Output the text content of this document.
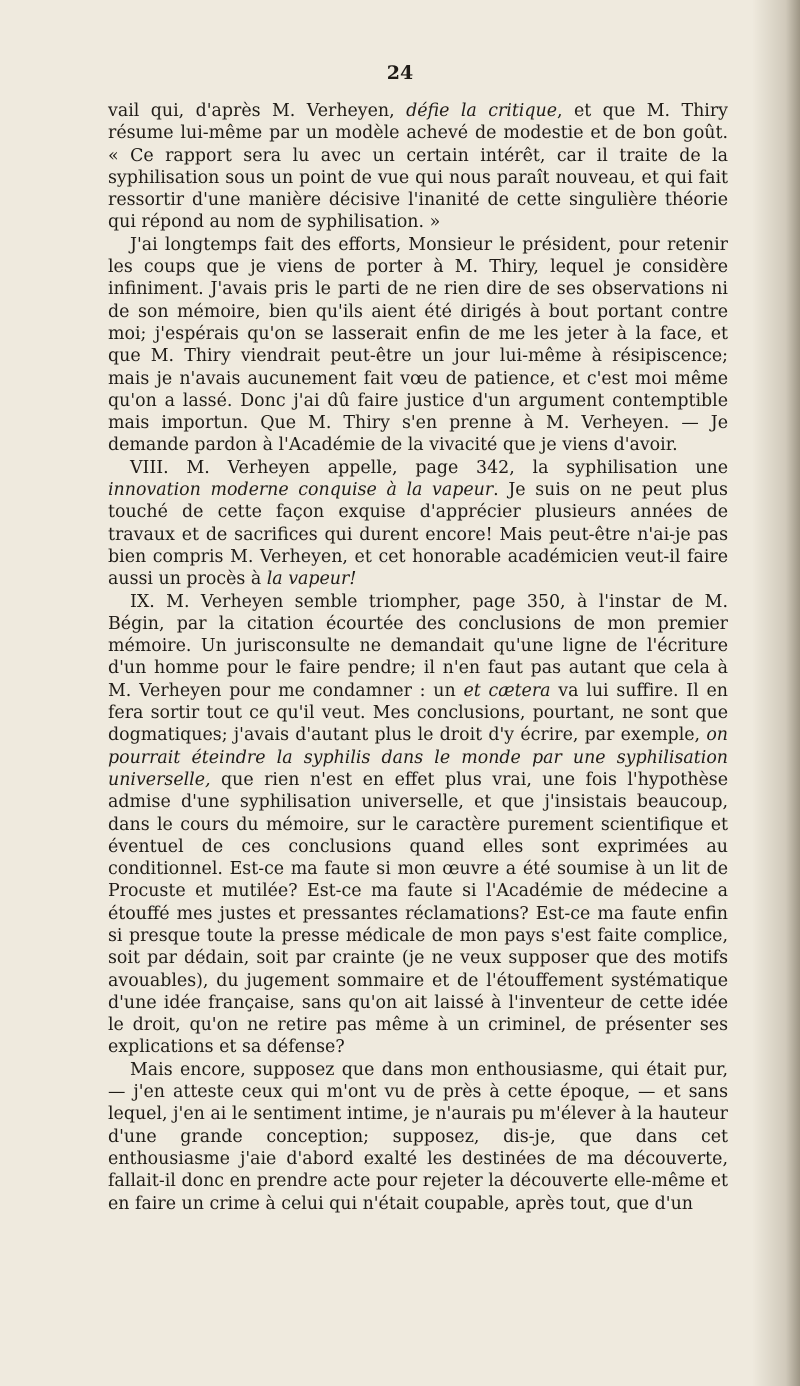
24

vail qui, d'après M. Verheyen, défie la critique, et que M. Thiry résume lui-même par un modèle achevé de modestie et de bon goût. « Ce rapport sera lu avec un certain intérêt, car il traite de la syphilisation sous un point de vue qui nous paraît nouveau, et qui fait ressortir d'une manière décisive l'inanité de cette singulière théorie qui répond au nom de syphilisation. »

J'ai longtemps fait des efforts, Monsieur le président, pour retenir les coups que je viens de porter à M. Thiry, lequel je considère infiniment. J'avais pris le parti de ne rien dire de ses observations ni de son mémoire, bien qu'ils aient été dirigés à bout portant contre moi; j'espérais qu'on se lasserait enfin de me les jeter à la face, et que M. Thiry viendrait peut-être un jour lui-même à résipiscence; mais je n'avais aucunement fait vœu de patience, et c'est moi même qu'on a lassé. Donc j'ai dû faire justice d'un argument contemptible mais importun. Que M. Thiry s'en prenne à M. Verheyen. — Je demande pardon à l'Académie de la vivacité que je viens d'avoir.

VIII. M. Verheyen appelle, page 342, la syphilisation une innovation moderne conquise à la vapeur. Je suis on ne peut plus touché de cette façon exquise d'apprécier plusieurs années de travaux et de sacrifices qui durent encore! Mais peut-être n'ai-je pas bien compris M. Verheyen, et cet honorable académicien veut-il faire aussi un procès à la vapeur!

IX. M. Verheyen semble triompher, page 350, à l'instar de M. Bégin, par la citation écourtée des conclusions de mon premier mémoire. Un jurisconsulte ne demandait qu'une ligne de l'écriture d'un homme pour le faire pendre; il n'en faut pas autant que cela à M. Verheyen pour me condamner : un et cætera va lui suffire. Il en fera sortir tout ce qu'il veut. Mes conclusions, pourtant, ne sont que dogmatiques; j'avais d'autant plus le droit d'y écrire, par exemple, on pourrait éteindre la syphilis dans le monde par une syphilisation universelle, que rien n'est en effet plus vrai, une fois l'hypothèse admise d'une syphilisation universelle, et que j'insistais beaucoup, dans le cours du mémoire, sur le caractère purement scientifique et éventuel de ces conclusions quand elles sont exprimées au conditionnel. Est-ce ma faute si mon œuvre a été soumise à un lit de Procuste et mutilée? Est-ce ma faute si l'Académie de médecine a étouffé mes justes et pressantes réclamations? Est-ce ma faute enfin si presque toute la presse médicale de mon pays s'est faite complice, soit par dédain, soit par crainte (je ne veux supposer que des motifs avouables), du jugement sommaire et de l'étouffement systématique d'une idée française, sans qu'on ait laissé à l'inventeur de cette idée le droit, qu'on ne retire pas même à un criminel, de présenter ses explications et sa défense?

Mais encore, supposez que dans mon enthousiasme, qui était pur, — j'en atteste ceux qui m'ont vu de près à cette époque, — et sans lequel, j'en ai le sentiment intime, je n'aurais pu m'élever à la hauteur d'une grande conception; supposez, dis-je, que dans cet enthousiasme j'aie d'abord exalté les destinées de ma découverte, fallait-il donc en prendre acte pour rejeter la découverte elle-même et en faire un crime à celui qui n'était coupable, après tout, que d'un
